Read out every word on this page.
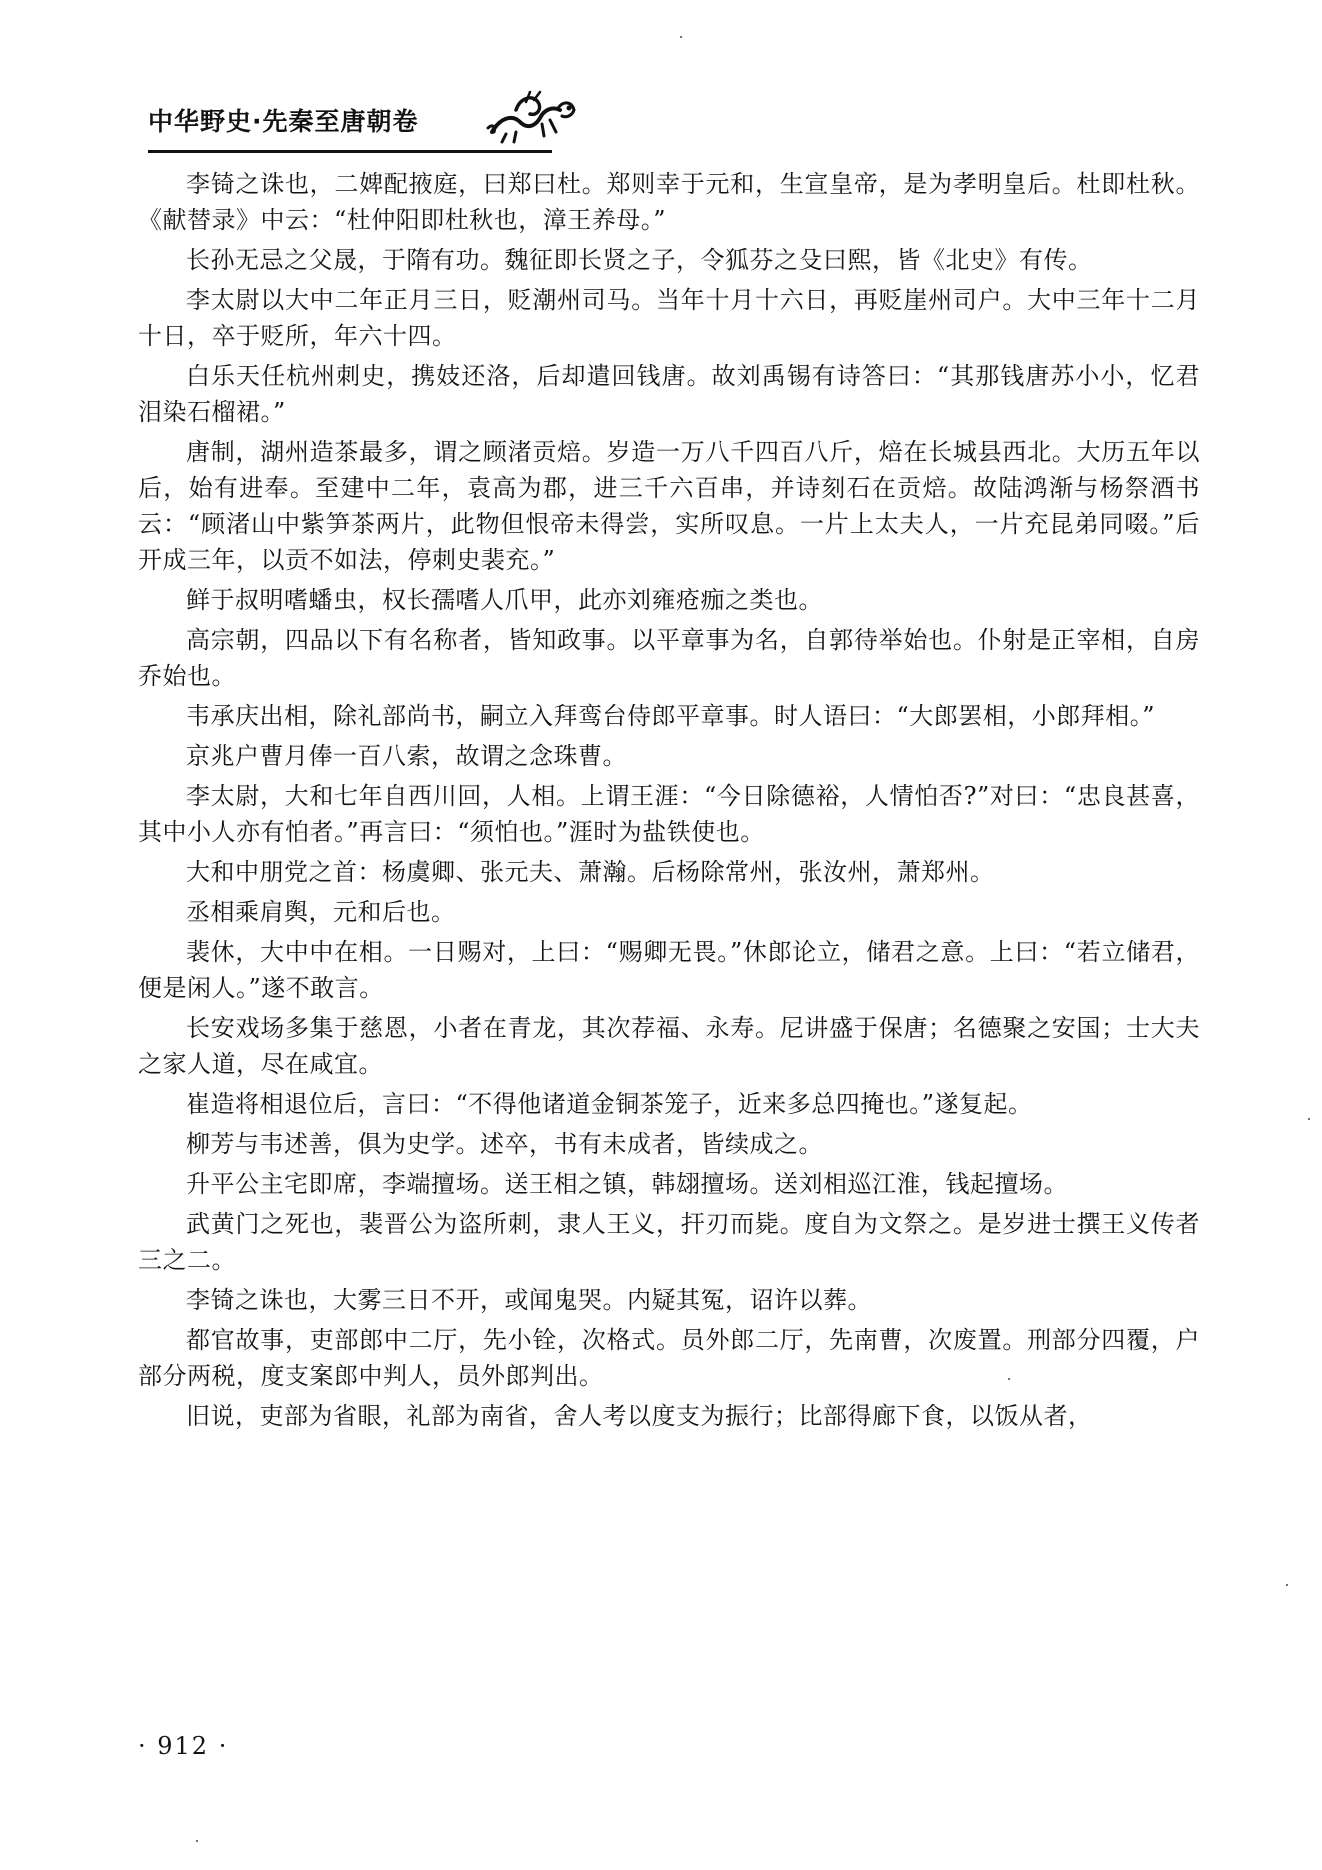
中华野史·先秦至唐朝卷

李锜之诛也，二婢配掖庭，曰郑曰杜。郑则幸于元和，生宣皇帝，是为孝明皇后。杜即杜秋。《献替录》中云：“杜仲阳即杜秋也，漳王养母。”

长孙无忌之父晟，于隋有功。魏征即长贤之子，令狐芬之殳曰熙，皆《北史》有传。

李太尉以大中二年正月三日，贬潮州司马。当年十月十六日，再贬崖州司户。大中三年十二月十日，卒于贬所，年六十四。

白乐天任杭州刺史，携妓还洛，后却遣回钱唐。故刘禹锡有诗答曰：“其那钱唐苏小小，忆君泪染石榴裙。”

唐制，湖州造茶最多，谓之顾渚贡焙。岁造一万八千四百八斤，焙在长城县西北。大历五年以后，始有进奉。至建中二年，袁高为郡，进三千六百串，并诗刻石在贡焙。故陆鸿渐与杨祭酒书云：“顾渚山中紫笋茶两片，此物但恨帝未得尝，实所叹息。一片上太夫人，一片充昆弟同啜。”后开成三年，以贡不如法，停刺史裴充。”

鲜于叔明嗜蟠虫，权长孺嗜人爪甲，此亦刘雍疮痂之类也。

高宗朝，四品以下有名称者，皆知政事。以平章事为名，自郭待举始也。仆射是正宰相，自房乔始也。

韦承庆出相，除礼部尚书，嗣立入拜鸾台侍郎平章事。时人语曰：“大郎罢相，小郎拜相。”

京兆户曹月俸一百八索，故谓之念珠曹。

李太尉，大和七年自西川回，人相。上谓王涯：“今日除德裕，人情怕否?”对曰：“忠良甚喜，其中小人亦有怕者。”再言曰：“须怕也。”涯时为盐铁使也。

大和中朋党之首：杨虞卿、张元夫、萧瀚。后杨除常州，张汝州，萧郑州。

丞相乘肩舆，元和后也。

裴休，大中中在相。一日赐对，上曰：“赐卿无畏。”休郎论立，储君之意。上曰：“若立储君，便是闲人。”遂不敢言。

长安戏场多集于慈恩，小者在青龙，其次荐福、永寿。尼讲盛于保唐；名德聚之安国；士大夫之家人道，尽在咸宜。

崔造将相退位后，言曰：“不得他诸道金铜茶笼子，近来多总四掩也。”遂复起。

柳芳与韦述善，俱为史学。述卒，书有未成者，皆续成之。

升平公主宅即席，李端擅场。送王相之镇，韩翃擅场。送刘相巡江淮，钱起擅场。

武黄门之死也，裴晋公为盗所刺，隶人王义，扞刃而毙。度自为文祭之。是岁进士撰王义传者三之二。

李锜之诛也，大雾三日不开，或闻鬼哭。内疑其冤，诏许以葬。

都官故事，吏部郎中二厅，先小铨，次格式。员外郎二厅，先南曹，次废置。刑部分四覆，户部分两税，度支案郎中判人，员外郎判出。

旧说，吏部为省眼，礼部为南省，舍人考以度支为振行；比部得廊下食，以饭从者，

· 912 ·
